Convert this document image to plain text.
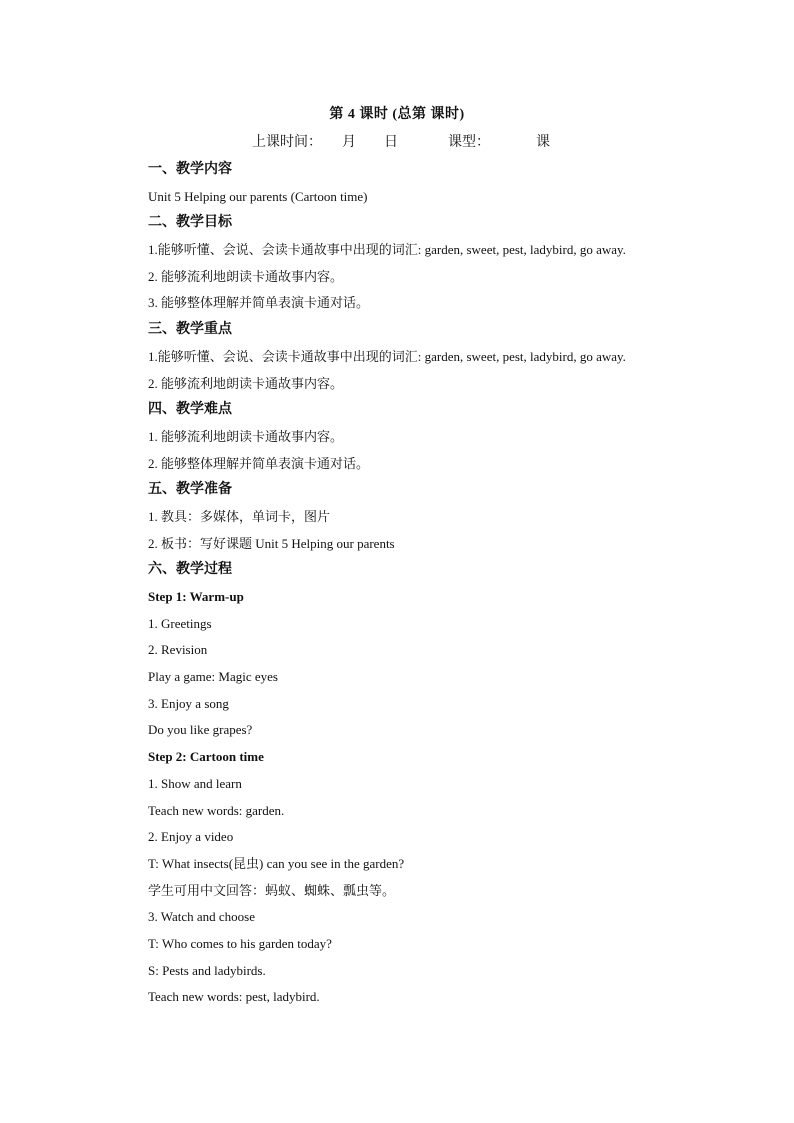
第 4 课时 (总第 课时)
上课时间： 月 日	课型：	课
一、教学内容
Unit 5 Helping our parents (Cartoon time)
二、教学目标
1.能够听懂、会说、会读卡通故事中出现的词汇: garden, sweet, pest, ladybird, go away.
2. 能够流利地朗读卡通故事内容。
3. 能够整体理解并简单表演卡通对话。
三、教学重点
1.能够听懂、会说、会读卡通故事中出现的词汇: garden, sweet, pest, ladybird, go away.
2. 能够流利地朗读卡通故事内容。
四、教学难点
1. 能够流利地朗读卡通故事内容。
2. 能够整体理解并简单表演卡通对话。
五、教学准备
1. 教具：多媒体，单词卡，图片
2. 板书：写好课题 Unit 5 Helping our parents
六、教学过程
Step 1: Warm-up
1. Greetings
2. Revision
Play a game: Magic eyes
3. Enjoy a song
Do you like grapes?
Step 2: Cartoon time
1. Show and learn
Teach new words: garden.
2. Enjoy a video
T: What insects(昆虫) can you see in the garden?
学生可用中文回答：蚂蚁、蜘蛛、瓢虫等。
3. Watch and choose
T: Who comes to his garden today?
S: Pests and ladybirds.
Teach new words: pest, ladybird.
